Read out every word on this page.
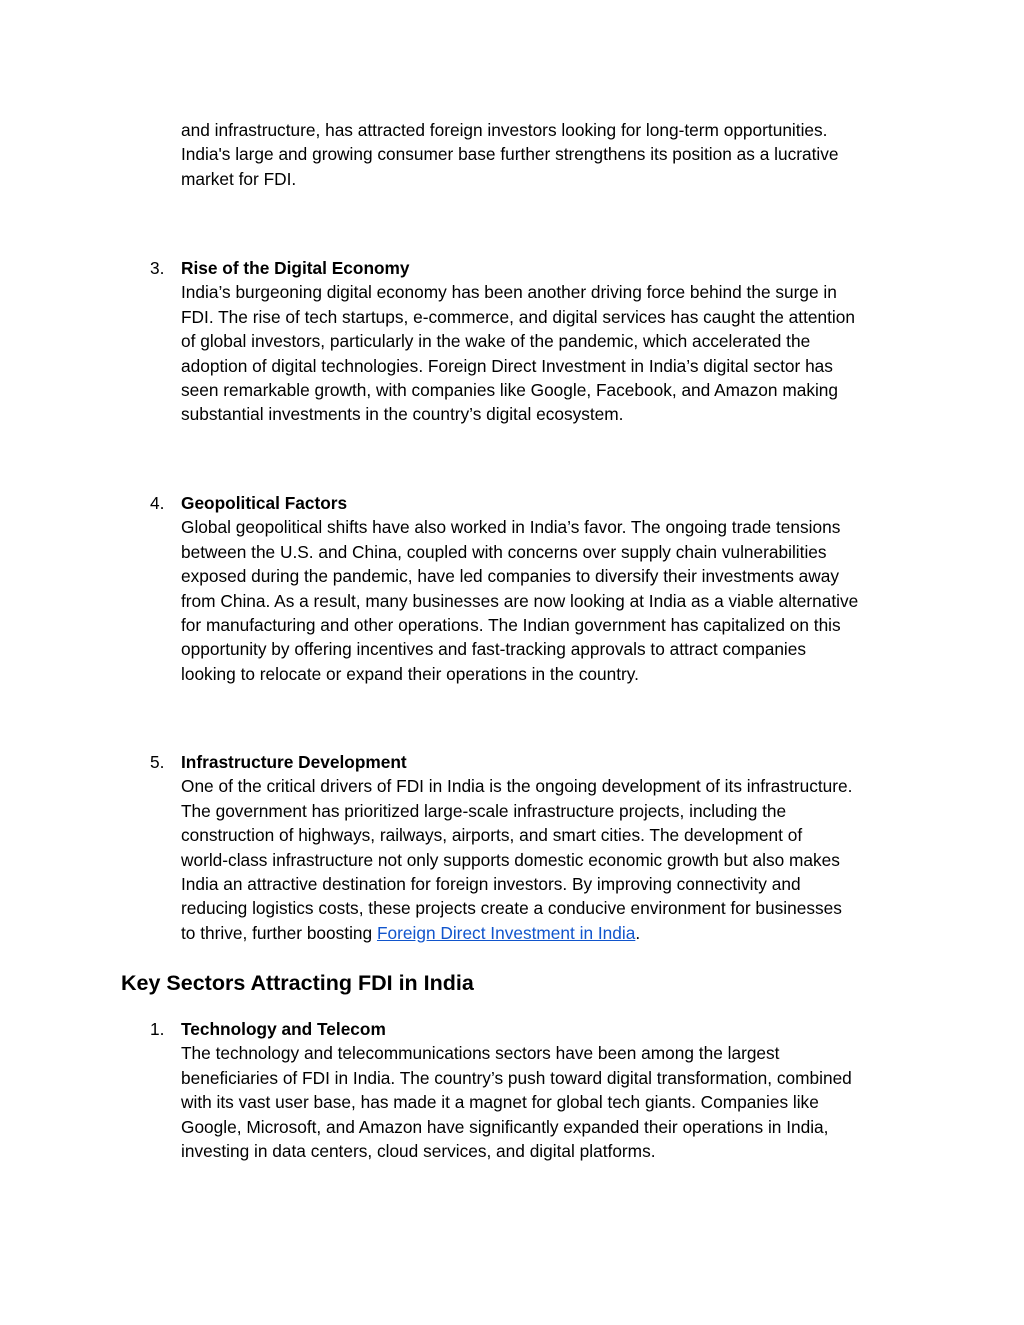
and infrastructure, has attracted foreign investors looking for long-term opportunities.
India's large and growing consumer base further strengthens its position as a lucrative
market for FDI.

3. Rise of the Digital Economy
India’s burgeoning digital economy has been another driving force behind the surge in
FDI. The rise of tech startups, e-commerce, and digital services has caught the attention
of global investors, particularly in the wake of the pandemic, which accelerated the
adoption of digital technologies. Foreign Direct Investment in India’s digital sector has
seen remarkable growth, with companies like Google, Facebook, and Amazon making
substantial investments in the country’s digital ecosystem.
4. Geopolitical Factors
Global geopolitical shifts have also worked in India’s favor. The ongoing trade tensions
between the U.S. and China, coupled with concerns over supply chain vulnerabilities
exposed during the pandemic, have led companies to diversify their investments away
from China. As a result, many businesses are now looking at India as a viable alternative
for manufacturing and other operations. The Indian government has capitalized on this
opportunity by offering incentives and fast-tracking approvals to attract companies
looking to relocate or expand their operations in the country.
5. Infrastructure Development
One of the critical drivers of FDI in India is the ongoing development of its infrastructure.
The government has prioritized large-scale infrastructure projects, including the
construction of highways, railways, airports, and smart cities. The development of
world-class infrastructure not only supports domestic economic growth but also makes
India an attractive destination for foreign investors. By improving connectivity and
reducing logistics costs, these projects create a conducive environment for businesses
to thrive, further boosting Foreign Direct Investment in India.
Key Sectors Attracting FDI in India
1. Technology and Telecom
The technology and telecommunications sectors have been among the largest
beneficiaries of FDI in India. The country’s push toward digital transformation, combined
with its vast user base, has made it a magnet for global tech giants. Companies like
Google, Microsoft, and Amazon have significantly expanded their operations in India,
investing in data centers, cloud services, and digital platforms.
